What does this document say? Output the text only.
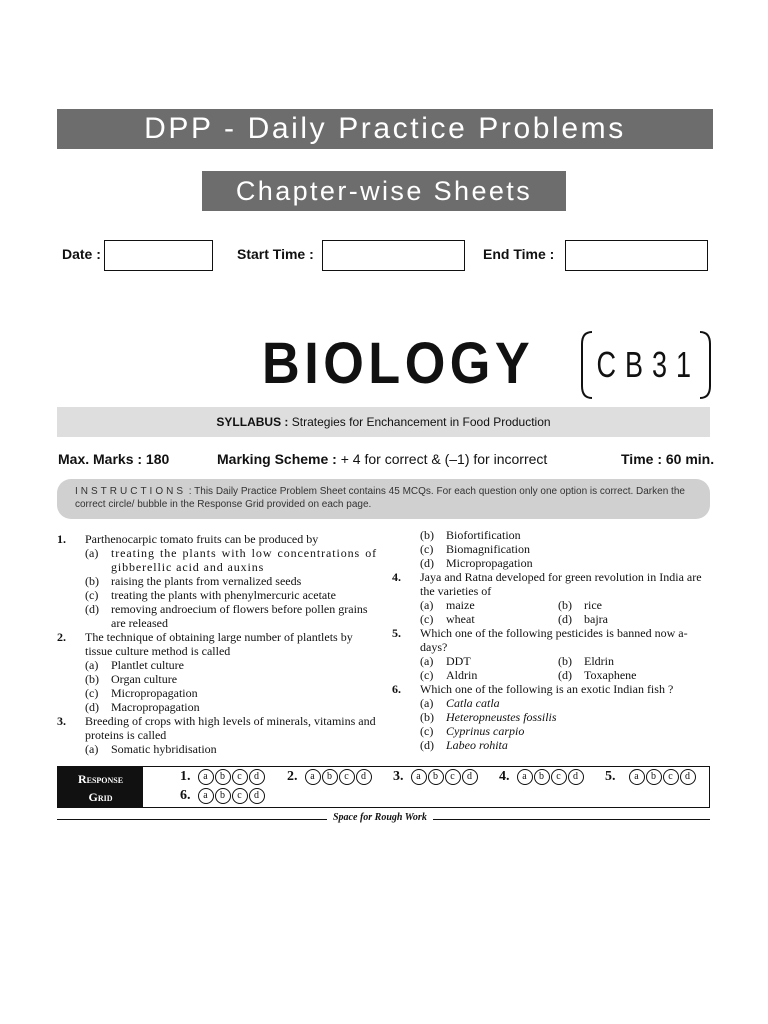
DPP - Daily Practice Problems
Chapter-wise Sheets
Date :	Start Time :	End Time :
BIOLOGY CB31
SYLLABUS : Strategies for Enchancement in Food Production
Max. Marks : 180	Marking Scheme : + 4 for correct & (–1) for incorrect	Time : 60 min.
INSTRUCTIONS : This Daily Practice Problem Sheet contains 45 MCQs. For each question only one option is correct. Darken the correct circle/ bubble in the Response Grid provided on each page.
1. Parthenocarpic tomato fruits can be produced by
(a) treating the plants with low concentrations of gibberellic acid and auxins
(b) raising the plants from vernalized seeds
(c) treating the plants with phenylmercuric acetate
(d) removing androecium of flowers before pollen grains are released
2. The technique of obtaining large number of plantlets by tissue culture method is called
(a) Plantlet culture
(b) Organ culture
(c) Micropropagation
(d) Macropropagation
3. Breeding of crops with high levels of minerals, vitamins and proteins is called
(a) Somatic hybridisation
(b) Biofortification
(c) Biomagnification
(d) Micropropagation
4. Jaya and Ratna developed for green revolution in India are the varieties of
(a) maize	(b) rice
(c) wheat	(d) bajra
5. Which one of the following pesticides is banned now a-days?
(a) DDT	(b) Eldrin
(c) Aldrin	(d) Toxaphene
6. Which one of the following is an exotic Indian fish ?
(a) Catla catla
(b) Heteropneustes fossilis
(c) Cyprinus carpio
(d) Labeo rohita
Response
Grid
1.	a	b	c	d	2.	a	b	c	d	3.	a	b	c	d	4.	a	b	c	d	5.	a	b	c	d
6.	a	b	c	d
Space for Rough Work
